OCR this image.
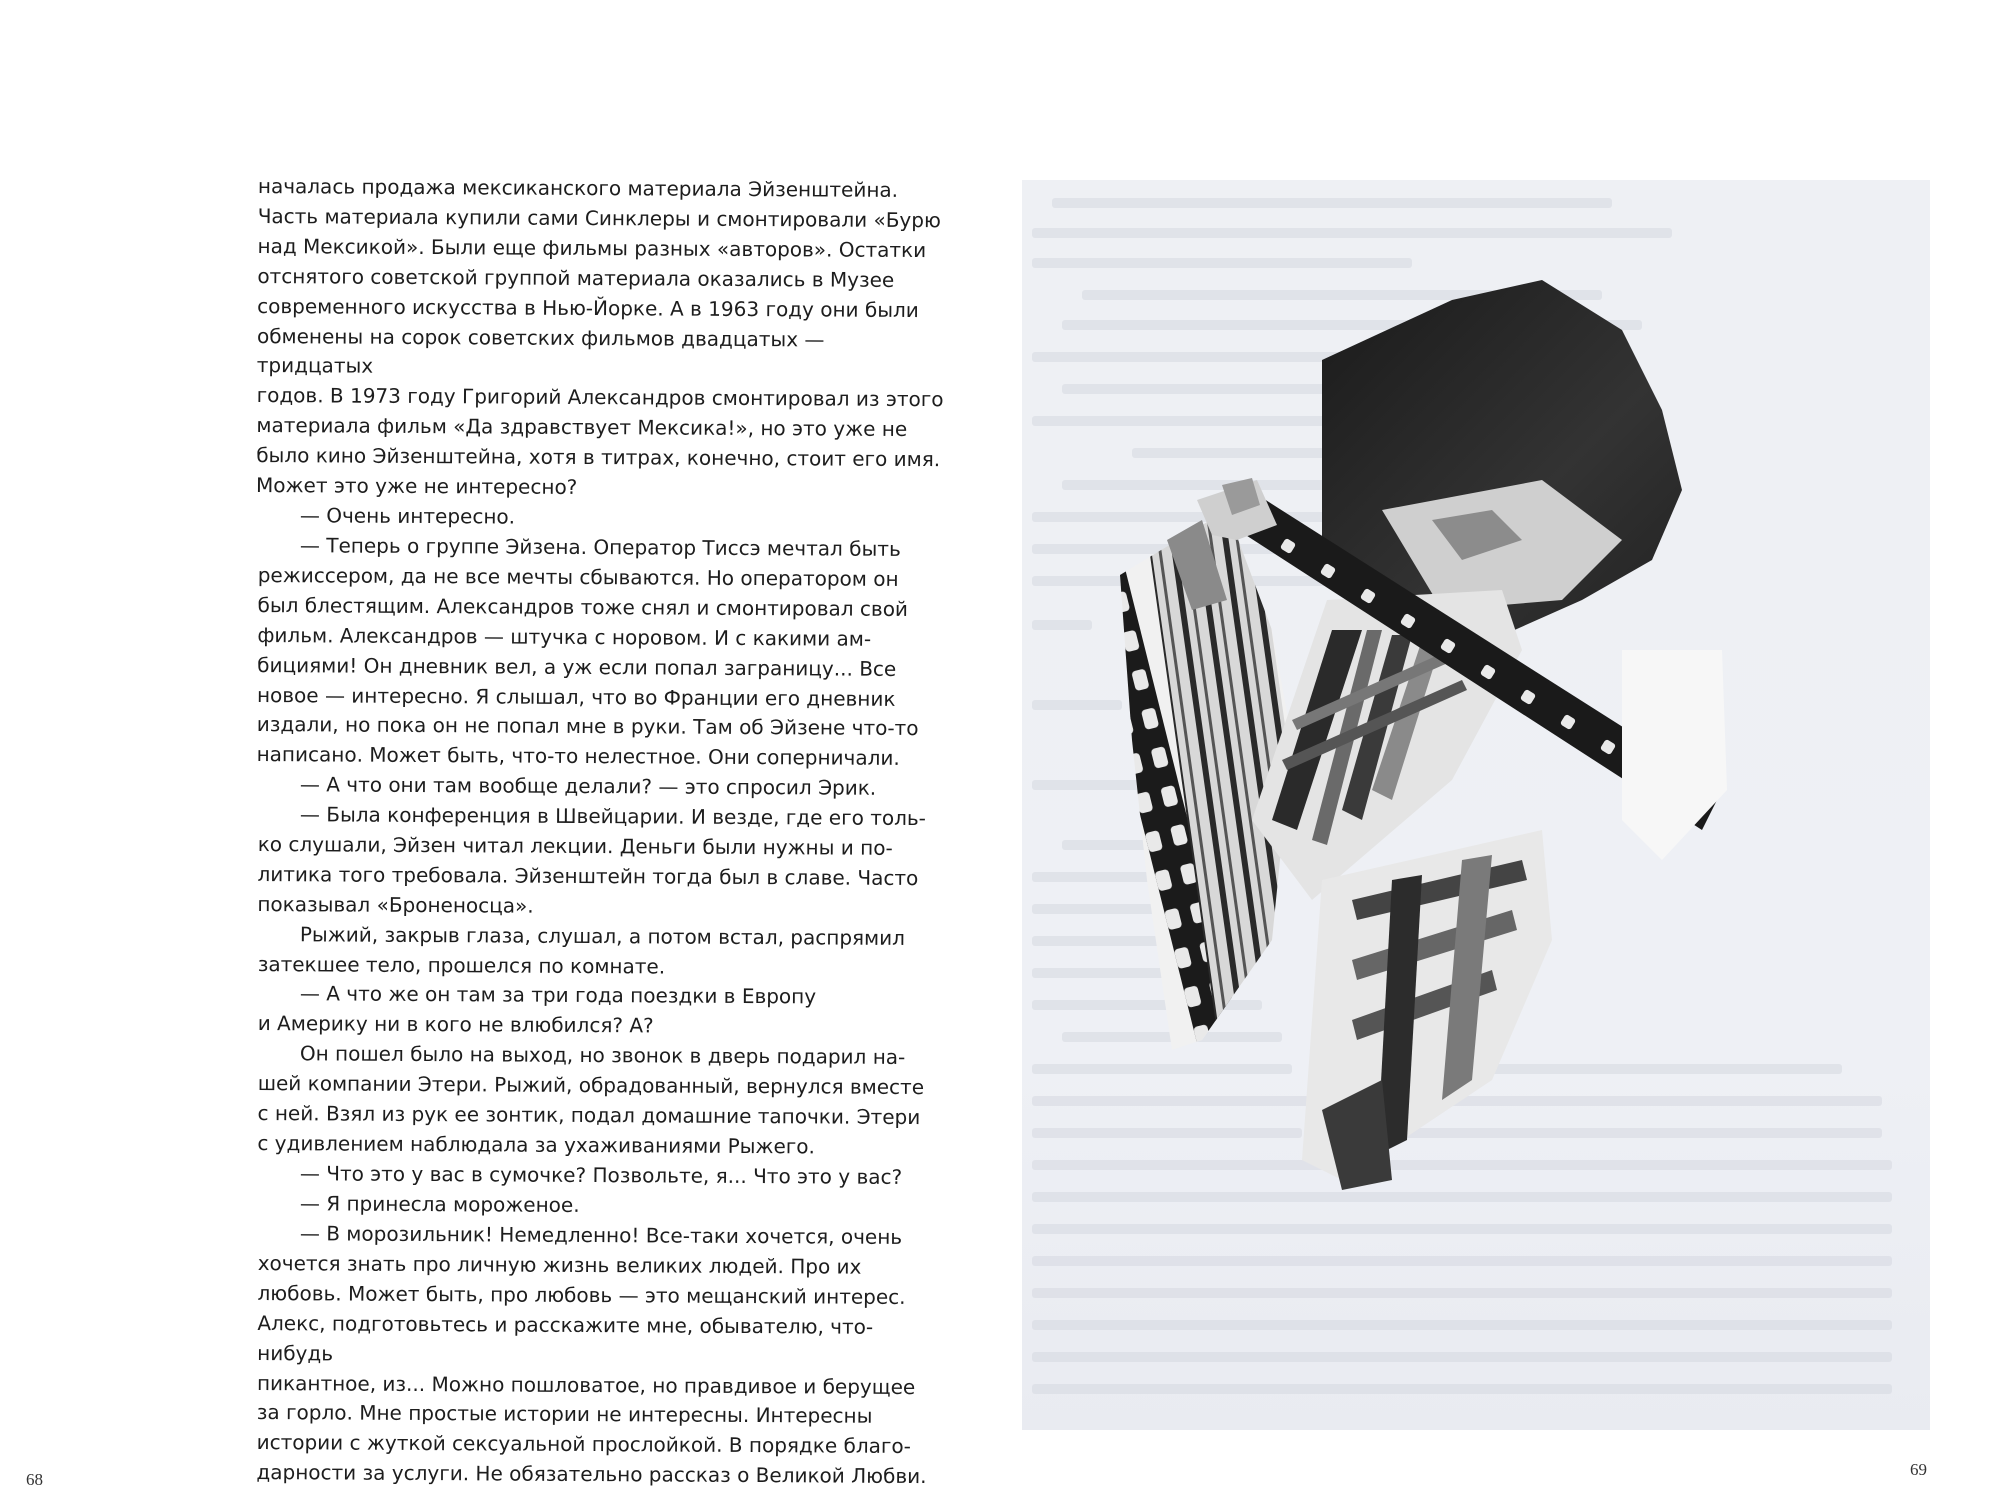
началась продажа мексиканского материала Эйзенштейна.
Часть материала купили сами Синклеры и смонтировали «Бурю
над Мексикой». Были еще фильмы разных «авторов». Остатки
отснятого советской группой материала оказались в Музее
современного искусства в Нью-Йорке. А в 1963 году они были
обменены на сорок советских фильмов двадцатых — тридцатых
годов. В 1973 году Григорий Александров смонтировал из этого
материала фильм «Да здравствует Мексика!», но это уже не
было кино Эйзенштейна, хотя в титрах, конечно, стоит его имя.
Может это уже не интересно?

— Очень интересно.

— Теперь о группе Эйзена. Оператор Тиссэ мечтал быть
режиссером, да не все мечты сбываются. Но оператором он
был блестящим. Александров тоже снял и смонтировал свой
фильм. Александров — штучка с норовом. И с какими ам-
бициями! Он дневник вел, а уж если попал заграницу... Все
новое — интересно. Я слышал, что во Франции его дневник
издали, но пока он не попал мне в руки. Там об Эйзене что-то
написано. Может быть, что-то нелестное. Они соперничали.

— А что они там вообще делали? — это спросил Эрик.

— Была конференция в Швейцарии. И везде, где его толь-
ко слушали, Эйзен читал лекции. Деньги были нужны и по-
литика того требовала. Эйзенштейн тогда был в славе. Часто
показывал «Броненосца».

Рыжий, закрыв глаза, слушал, а потом встал, распрямил
затекшее тело, прошелся по комнате.

— А что же он там за три года поездки в Европу
и Америку ни в кого не влюбился? А?

Он пошел было на выход, но звонок в дверь подарил на-
шей компании Этери. Рыжий, обрадованный, вернулся вместе
с ней. Взял из рук ее зонтик, подал домашние тапочки. Этери
с удивлением наблюдала за ухаживаниями Рыжего.

— Что это у вас в сумочке? Позвольте, я... Что это у вас?

— Я принесла мороженое.

— В морозильник! Немедленно! Все-таки хочется, очень
хочется знать про личную жизнь великих людей. Про их
любовь. Может быть, про любовь — это мещанский интерес.
Алекс, подготовьтесь и расскажите мне, обывателю, что-нибудь
пикантное, из... Можно пошловатое, но правдивое и берущее
за горло. Мне простые истории не интересны. Интересны
истории с жуткой сексуальной прослойкой. В порядке благо-
дарности за услуги. Не обязательно рассказ о Великой Любви.

68
69
